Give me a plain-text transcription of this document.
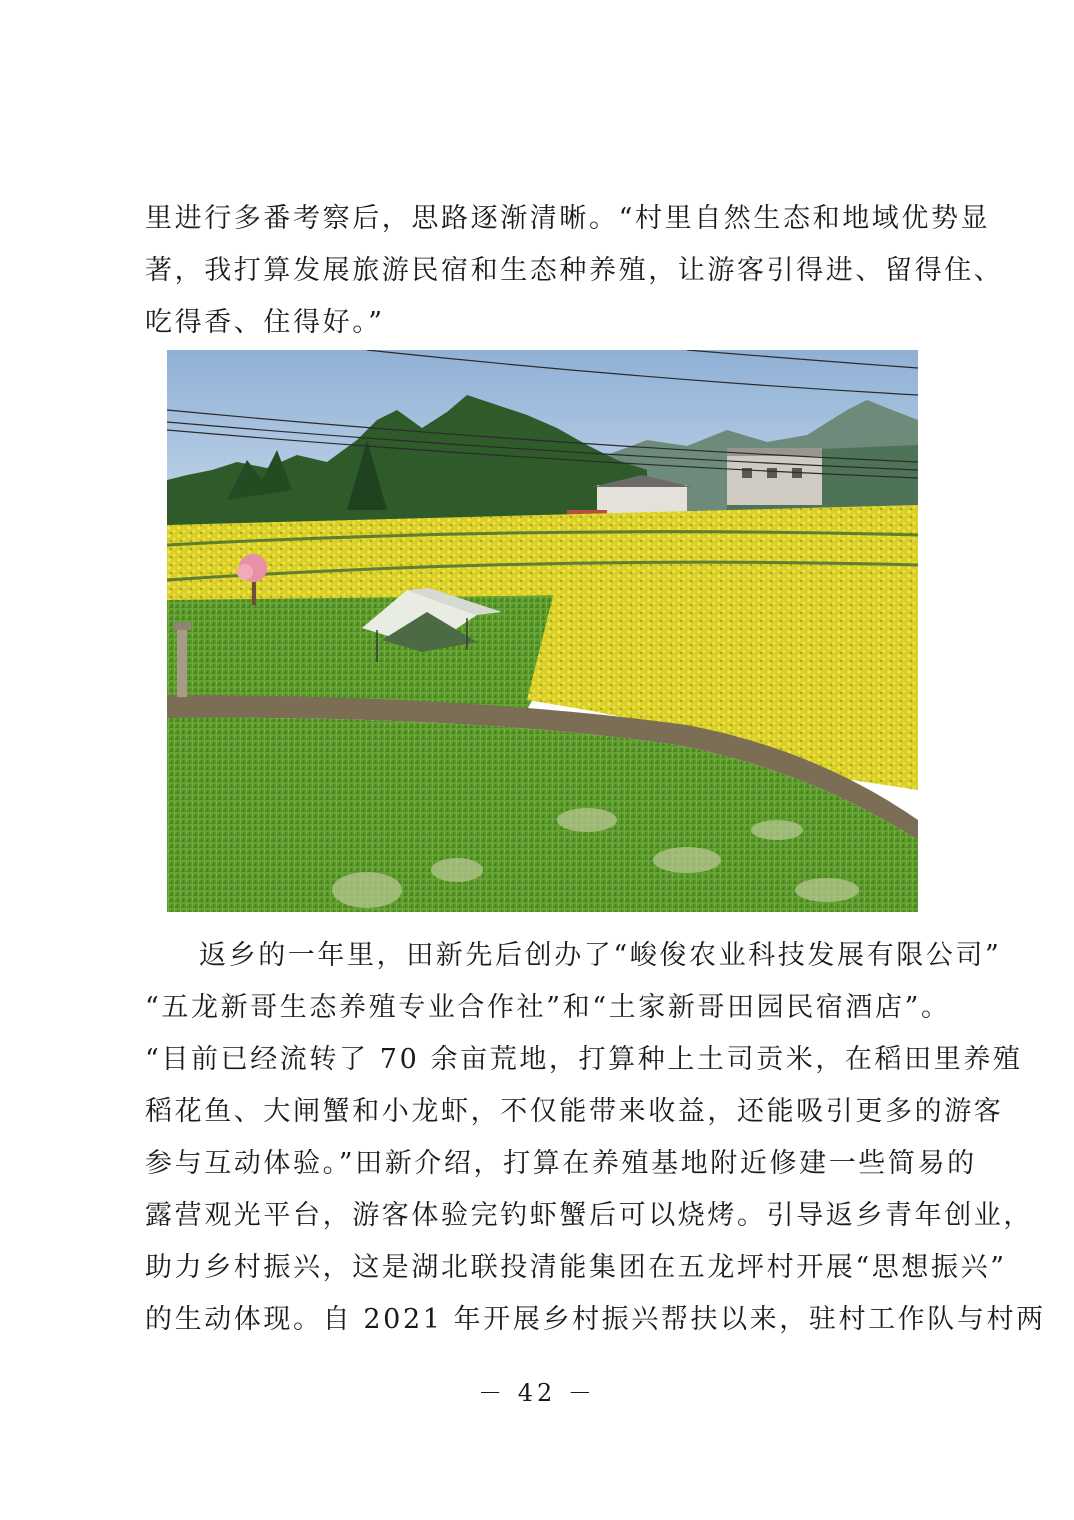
里进行多番考察后，思路逐渐清晰。“村里自然生态和地域优势显
著，我打算发展旅游民宿和生态种养殖，让游客引得进、留得住、
吃得香、住得好。”
返乡的一年里，田新先后创办了“峻俊农业科技发展有限公司”
“五龙新哥生态养殖专业合作社”和“土家新哥田园民宿酒店”。
“目前已经流转了 70 余亩荒地，打算种上土司贡米，在稻田里养殖
稻花鱼、大闸蟹和小龙虾，不仅能带来收益，还能吸引更多的游客
参与互动体验。”田新介绍，打算在养殖基地附近修建一些简易的
露营观光平台，游客体验完钓虾蟹后可以烧烤。引导返乡青年创业，
助力乡村振兴，这是湖北联投清能集团在五龙坪村开展“思想振兴”
的生动体现。自 2021 年开展乡村振兴帮扶以来，驻村工作队与村两
－ 42 －
